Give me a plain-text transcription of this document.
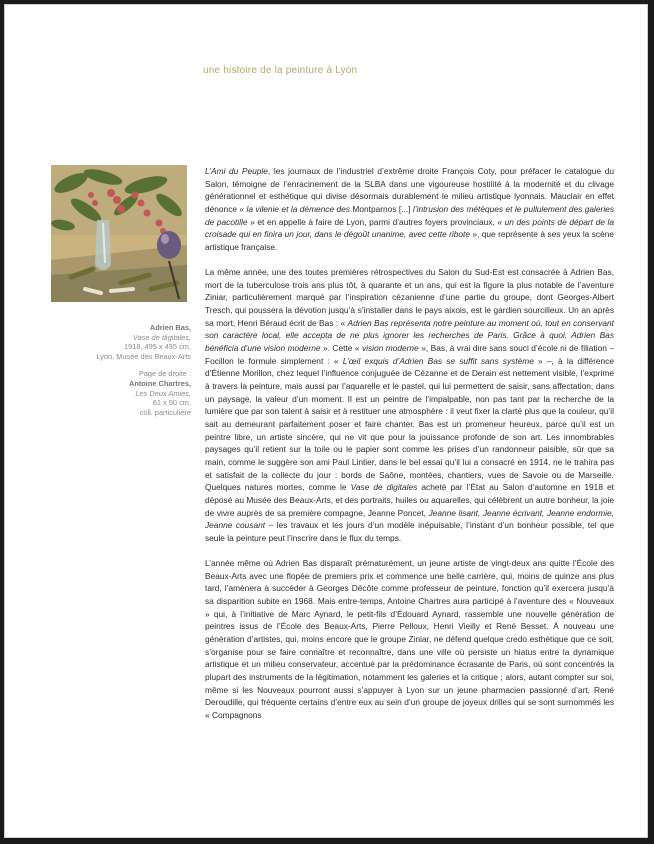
une histoire de la peinture à Lyon
Adrien Bas,
Vase de digitales,
1918, 495 x 495 cm,
Lyon, Musée des Beaux-Arts
Page de droite :
Antoine Chartres,
Les Deux Amies,
61 x 50 cm,
coll. particulière

L’Ami du Peuple, les journaux de l’industriel d’extrême droite François Coty, pour préfacer le catalogue du Salon, témoigne de l’enracinement de la SLBA dans une vigoureuse hostilité à la modernité et du clivage générationnel et esthétique qui divise désormais durablement le milieu artistique lyonnais. Mauclair en effet dénonce « la vilenie et la démence des Montparnos [...] l’intrusion des métèques et le pullulement des galeries de pacotille » et en appelle à faire de Lyon, parmi d’autres foyers provinciaux, « un des points de départ de la croisade qui en finira un jour, dans le dégoût unanime, avec cette ribote », que représente à ses yeux la scène artistique française.

La même année, une des toutes premières rétrospectives du Salon du Sud-Est est consacrée à Adrien Bas, mort de la tuberculose trois ans plus tôt, à quarante et un ans, qui est la figure la plus notable de l’aventure Ziniar, particulièrement marqué par l’inspiration cézanienne d’une partie du groupe, dont Georges-Albert Tresch, qui poussera la dévotion jusqu’à s’installer dans le pays aixois, est le gardien sourcilleux. Un an après sa mort, Henri Béraud écrit de Bas : « Adrien Bas représenta notre peinture au moment où, tout en conservant son caractère local, elle accepta de ne plus ignorer les recherches de Paris. Grâce à quoi, Adrien Bas bénéficia d’une vision moderne ». Cette « vision moderne », Bas, à vrai dire sans souci d’école ni de filiation – Focillon le formule simplement : « L’œil exquis d’Adrien Bas se suffit sans système » –, à la différence d’Étienne Morillon, chez lequel l’influence conjuguée de Cézanne et de Derain est nettement visible, l’exprime à travers la peinture, mais aussi par l’aquarelle et le pastel, qui lui permettent de saisir, sans affectation, dans un paysage, la valeur d’un moment. Il est un peintre de l’impalpable, non pas tant par la recherche de la lumière que par son talent à saisir et à restituer une atmosphère : il veut fixer la clarté plus que la couleur, qu’il sait au demeurant parfaitement poser et faire chanter. Bas est un promeneur heureux, parce qu’il est un peintre libre, un artiste sincère, qui ne vit que pour la jouissance profonde de son art. Les innombrables paysages qu’il retient sur la toile ou le papier sont comme les prises d’un randonneur paisible, sûr que sa main, comme le suggère son ami Paul Lintier, dans le bel essai qu’il lui a consacré en 1914, ne le trahira pas et satisfait de la collecte du jour : bords de Saône, montées, chantiers, vues de Savoie ou de Marseille. Quelques natures mortes, comme le Vase de digitales acheté par l’État au Salon d’automne en 1918 et déposé au Musée des Beaux-Arts, et des portraits, huiles ou aquarelles, qui célèbrent un autre bonheur, la joie de vivre auprès de sa première compagne, Jeanne Poncet, Jeanne lisant, Jeanne écrivant, Jeanne endormie, Jeanne cousant – les travaux et les jours d’un modèle inépuisable, l’instant d’un bonheur possible, tel que seule la peinture peut l’inscrire dans le flux du temps.

L’année même où Adrien Bas disparaît prématurément, un jeune artiste de vingt-deux ans quitte l’École des Beaux-Arts avec une flopée de premiers prix et commence une belle carrière, qui, moins de quinze ans plus tard, l’amènera à succéder à Georges Décôte comme professeur de peinture, fonction qu’il exercera jusqu’à sa disparition subite en 1968. Mais entre-temps, Antoine Chartres aura participé à l’aventure des « Nouveaux » qui, à l’initiative de Marc Aynard, le petit-fils d’Édouard Aynard, rassemble une nouvelle génération de peintres issus de l’École des Beaux-Arts, Pierre Pelloux, Henri Vieilly et René Besset. À nouveau une génération d’artistes, qui, moins encore que le groupe Ziniar, ne défend quelque credo esthétique que ce soit, s’organise pour se faire connaître et reconnaître, dans une ville où persiste un hiatus entre la dynamique artistique et un milieu conservateur, accentué par la prédominance écrasante de Paris, où sont concentrés la plupart des instruments de la légitimation, notamment les galeries et la critique ; alors, autant compter sur soi, même si les Nouveaux pourront aussi s’appuyer à Lyon sur un jeune pharmacien passionné d’art, René Deroudille, qui fréquente certains d’entre eux au sein d’un groupe de joyeux drilles qui se sont surnommés les « Compagnons
